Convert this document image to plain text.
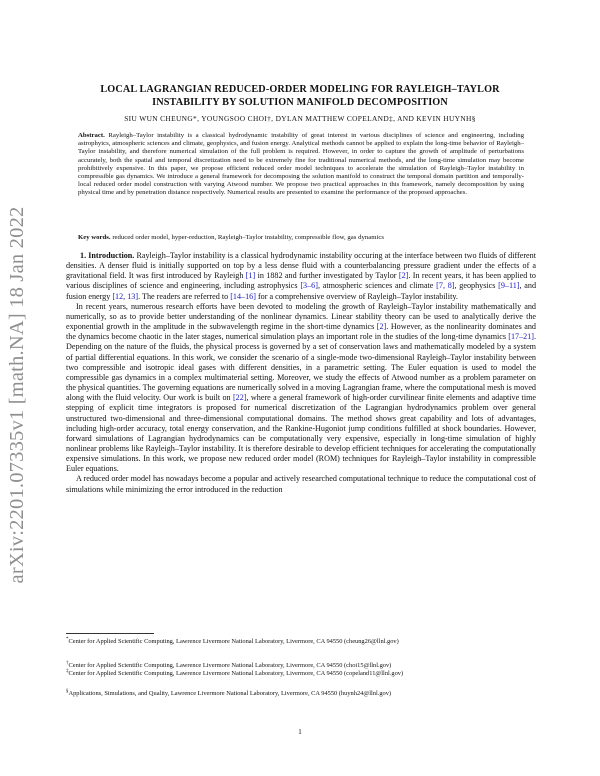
arXiv:2201.07335v1 [math.NA] 18 Jan 2022
LOCAL LAGRANGIAN REDUCED-ORDER MODELING FOR RAYLEIGH–TAYLOR INSTABILITY BY SOLUTION MANIFOLD DECOMPOSITION
SIU WUN CHEUNG*, YOUNGSOO CHOI†, DYLAN MATTHEW COPELAND‡, AND KEVIN HUYNH§
Abstract. Rayleigh–Taylor instability is a classical hydrodynamic instability of great interest in various disciplines of science and engineering, including astrophyics, atmospheric sciences and climate, geophysics, and fusion energy. Analytical methods cannot be applied to explain the long-time behavior of Rayleigh–Taylor instability, and therefore numerical simulation of the full problem is required. However, in order to capture the growth of amplitude of perturbations accurately, both the spatial and temporal discretization need to be extremely fine for traditional numerical methods, and the long-time simulation may become prohibitively expensive. In this paper, we propose efficient reduced order model techniques to accelerate the simulation of Rayleigh–Taylor instability in compressible gas dynamics. We introduce a general framework for decomposing the solution manifold to construct the temporal domain partition and temporally-local reduced order model construction with varying Atwood number. We propose two practical approaches in this framework, namely decomposition by using physical time and by penetration distance respectively. Numerical results are presented to examine the performance of the proposed approaches.
Key words. reduced order model, hyper-reduction, Rayleigh–Taylor instability, compressible flow, gas dynamics

1. Introduction. Rayleigh–Taylor instability is a classical hydrodynamic instability occuring at the interface between two fluids of different densities. A denser fluid is initially supported on top by a less dense fluid with a counterbalancing pressure gradient under the effects of a gravitational field. It was first introduced by Rayleigh [1] in 1882 and further investigated by Taylor [2]. In recent years, it has been applied to various disciplines of science and engineering, including astrophysics [3–6], atmospheric sciences and climate [7, 8], geophysics [9–11], and fusion energy [12, 13]. The readers are referred to [14–16] for a comprehensive overview of Rayleigh–Taylor instability.

In recent years, numerous research efforts have been devoted to modeling the growth of Rayleigh–Taylor instability mathematically and numerically, so as to provide better understanding of the nonlinear dynamics. Linear stability theory can be used to analytically derive the exponential growth in the amplitude in the subwavelength regime in the short-time dynamics [2]. However, as the nonlinearity dominates and the dynamics become chaotic in the later stages, numerical simulation plays an important role in the studies of the long-time dynamics [17–21]. Depending on the nature of the fluids, the physical process is governed by a set of conservation laws and mathematically modeled by a system of partial differential equations. In this work, we consider the scenario of a single-mode two-dimensional Rayleigh–Taylor instability between two compressible and isotropic ideal gases with different densities, in a parametric setting. The Euler equation is used to model the compressible gas dynamics in a complex multimaterial setting. Moreover, we study the effects of Atwood number as a problem parameter on the physical quantities. The governing equations are numerically solved in a moving Lagrangian frame, where the computational mesh is moved along with the fluid velocity. Our work is built on [22], where a general framework of high-order curvilinear finite elements and adaptive time stepping of explicit time integrators is proposed for numerical discretization of the Lagrangian hydrodynamics problem over general unstructured two-dimensional and three-dimensional computational domains. The method shows great capability and lots of advantages, including high-order accuracy, total energy conservation, and the Rankine-Hugoniot jump conditions fulfilled at shock boundaries. However, forward simulations of Lagrangian hydrodynamics can be computationally very expensive, especially in long-time simulation of highly nonlinear problems like Rayleigh–Taylor instability. It is therefore desirable to develop efficient techniques for accelerating the computationally expensive simulations. In this work, we propose new reduced order model (ROM) techniques for Rayleigh–Taylor instability in compressible Euler equations.

A reduced order model has nowadays become a popular and actively researched computational technique to reduce the computational cost of simulations while minimizing the error introduced in the reduction

*Center for Applied Scientific Computing, Lawrence Livermore National Laboratory, Livermore, CA 94550 (cheung26@llnl.gov)
†Center for Applied Scientific Computing, Lawrence Livermore National Laboratory, Livermore, CA 94550 (choi15@llnl.gov)
‡Center for Applied Scientific Computing, Lawrence Livermore National Laboratory, Livermore, CA 94550 (copeland11@llnl.gov)
§Applications, Simulations, and Quality, Lawrence Livermore National Laboratory, Livermore, CA 94550 (huynh24@llnl.gov)
1
